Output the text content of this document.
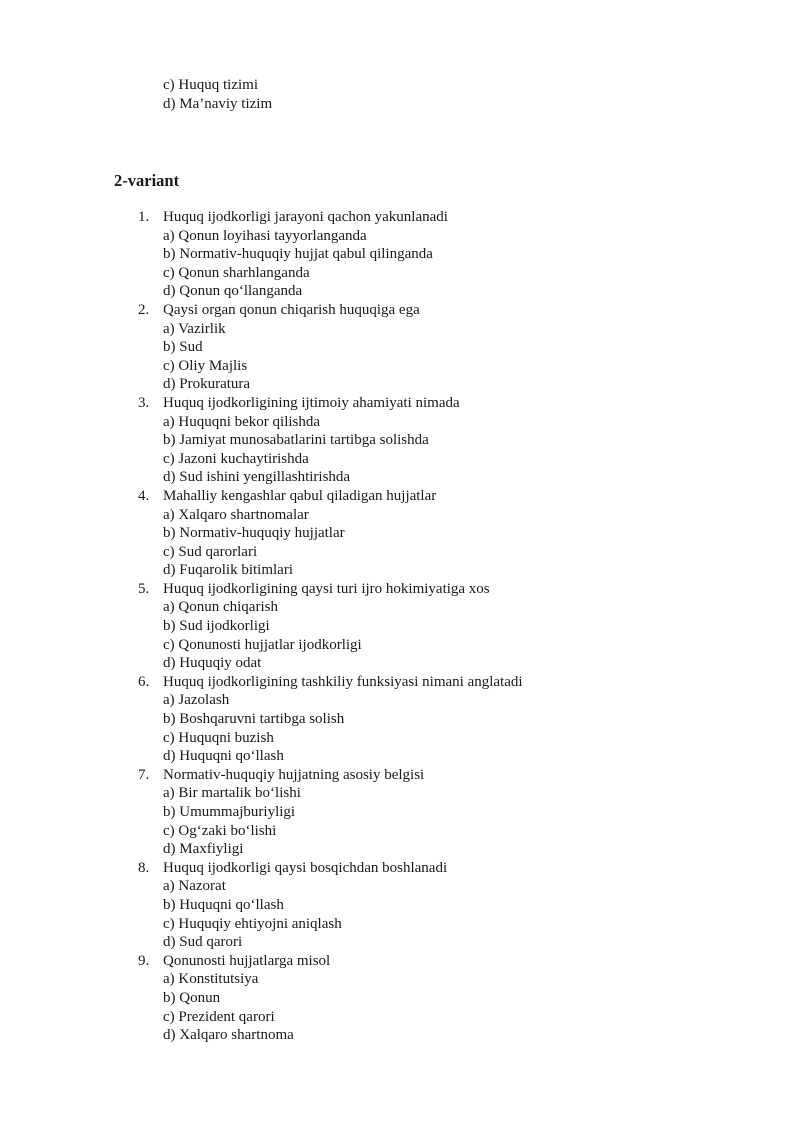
c) Huquq tizimi
d) Ma’naviy tizim
2-variant
1. Huquq ijodkorligi jarayoni qachon yakunlanadi
a) Qonun loyihasi tayyorlanganda
b) Normativ-huquqiy hujjat qabul qilinganda
c) Qonun sharhlanganda
d) Qonun qo‘llanganda
2. Qaysi organ qonun chiqarish huquqiga ega
a) Vazirlik
b) Sud
c) Oliy Majlis
d) Prokuratura
3. Huquq ijodkorligining ijtimoiy ahamiyati nimada
a) Huquqni bekor qilishda
b) Jamiyat munosabatlarini tartibga solishda
c) Jazoni kuchaytirishda
d) Sud ishini yengillashtirishda
4. Mahalliy kengashlar qabul qiladigan hujjatlar
a) Xalqaro shartnomalar
b) Normativ-huquqiy hujjatlar
c) Sud qarorlari
d) Fuqarolik bitimlari
5. Huquq ijodkorligining qaysi turi ijro hokimiyatiga xos
a) Qonun chiqarish
b) Sud ijodkorligi
c) Qonunosti hujjatlar ijodkorligi
d) Huquqiy odat
6. Huquq ijodkorligining tashkiliy funksiyasi nimani anglatadi
a) Jazolash
b) Boshqaruvni tartibga solish
c) Huquqni buzish
d) Huquqni qo‘llash
7. Normativ-huquqiy hujjatning asosiy belgisi
a) Bir martalik bo‘lishi
b) Umummajburiyligi
c) Og‘zaki bo‘lishi
d) Maxfiyligi
8. Huquq ijodkorligi qaysi bosqichdan boshlanadi
a) Nazorat
b) Huquqni qo‘llash
c) Huquqiy ehtiyojni aniqlash
d) Sud qarori
9. Qonunosti hujjatlarga misol
a) Konstitutsiya
b) Qonun
c) Prezident qarori
d) Xalqaro shartnoma
